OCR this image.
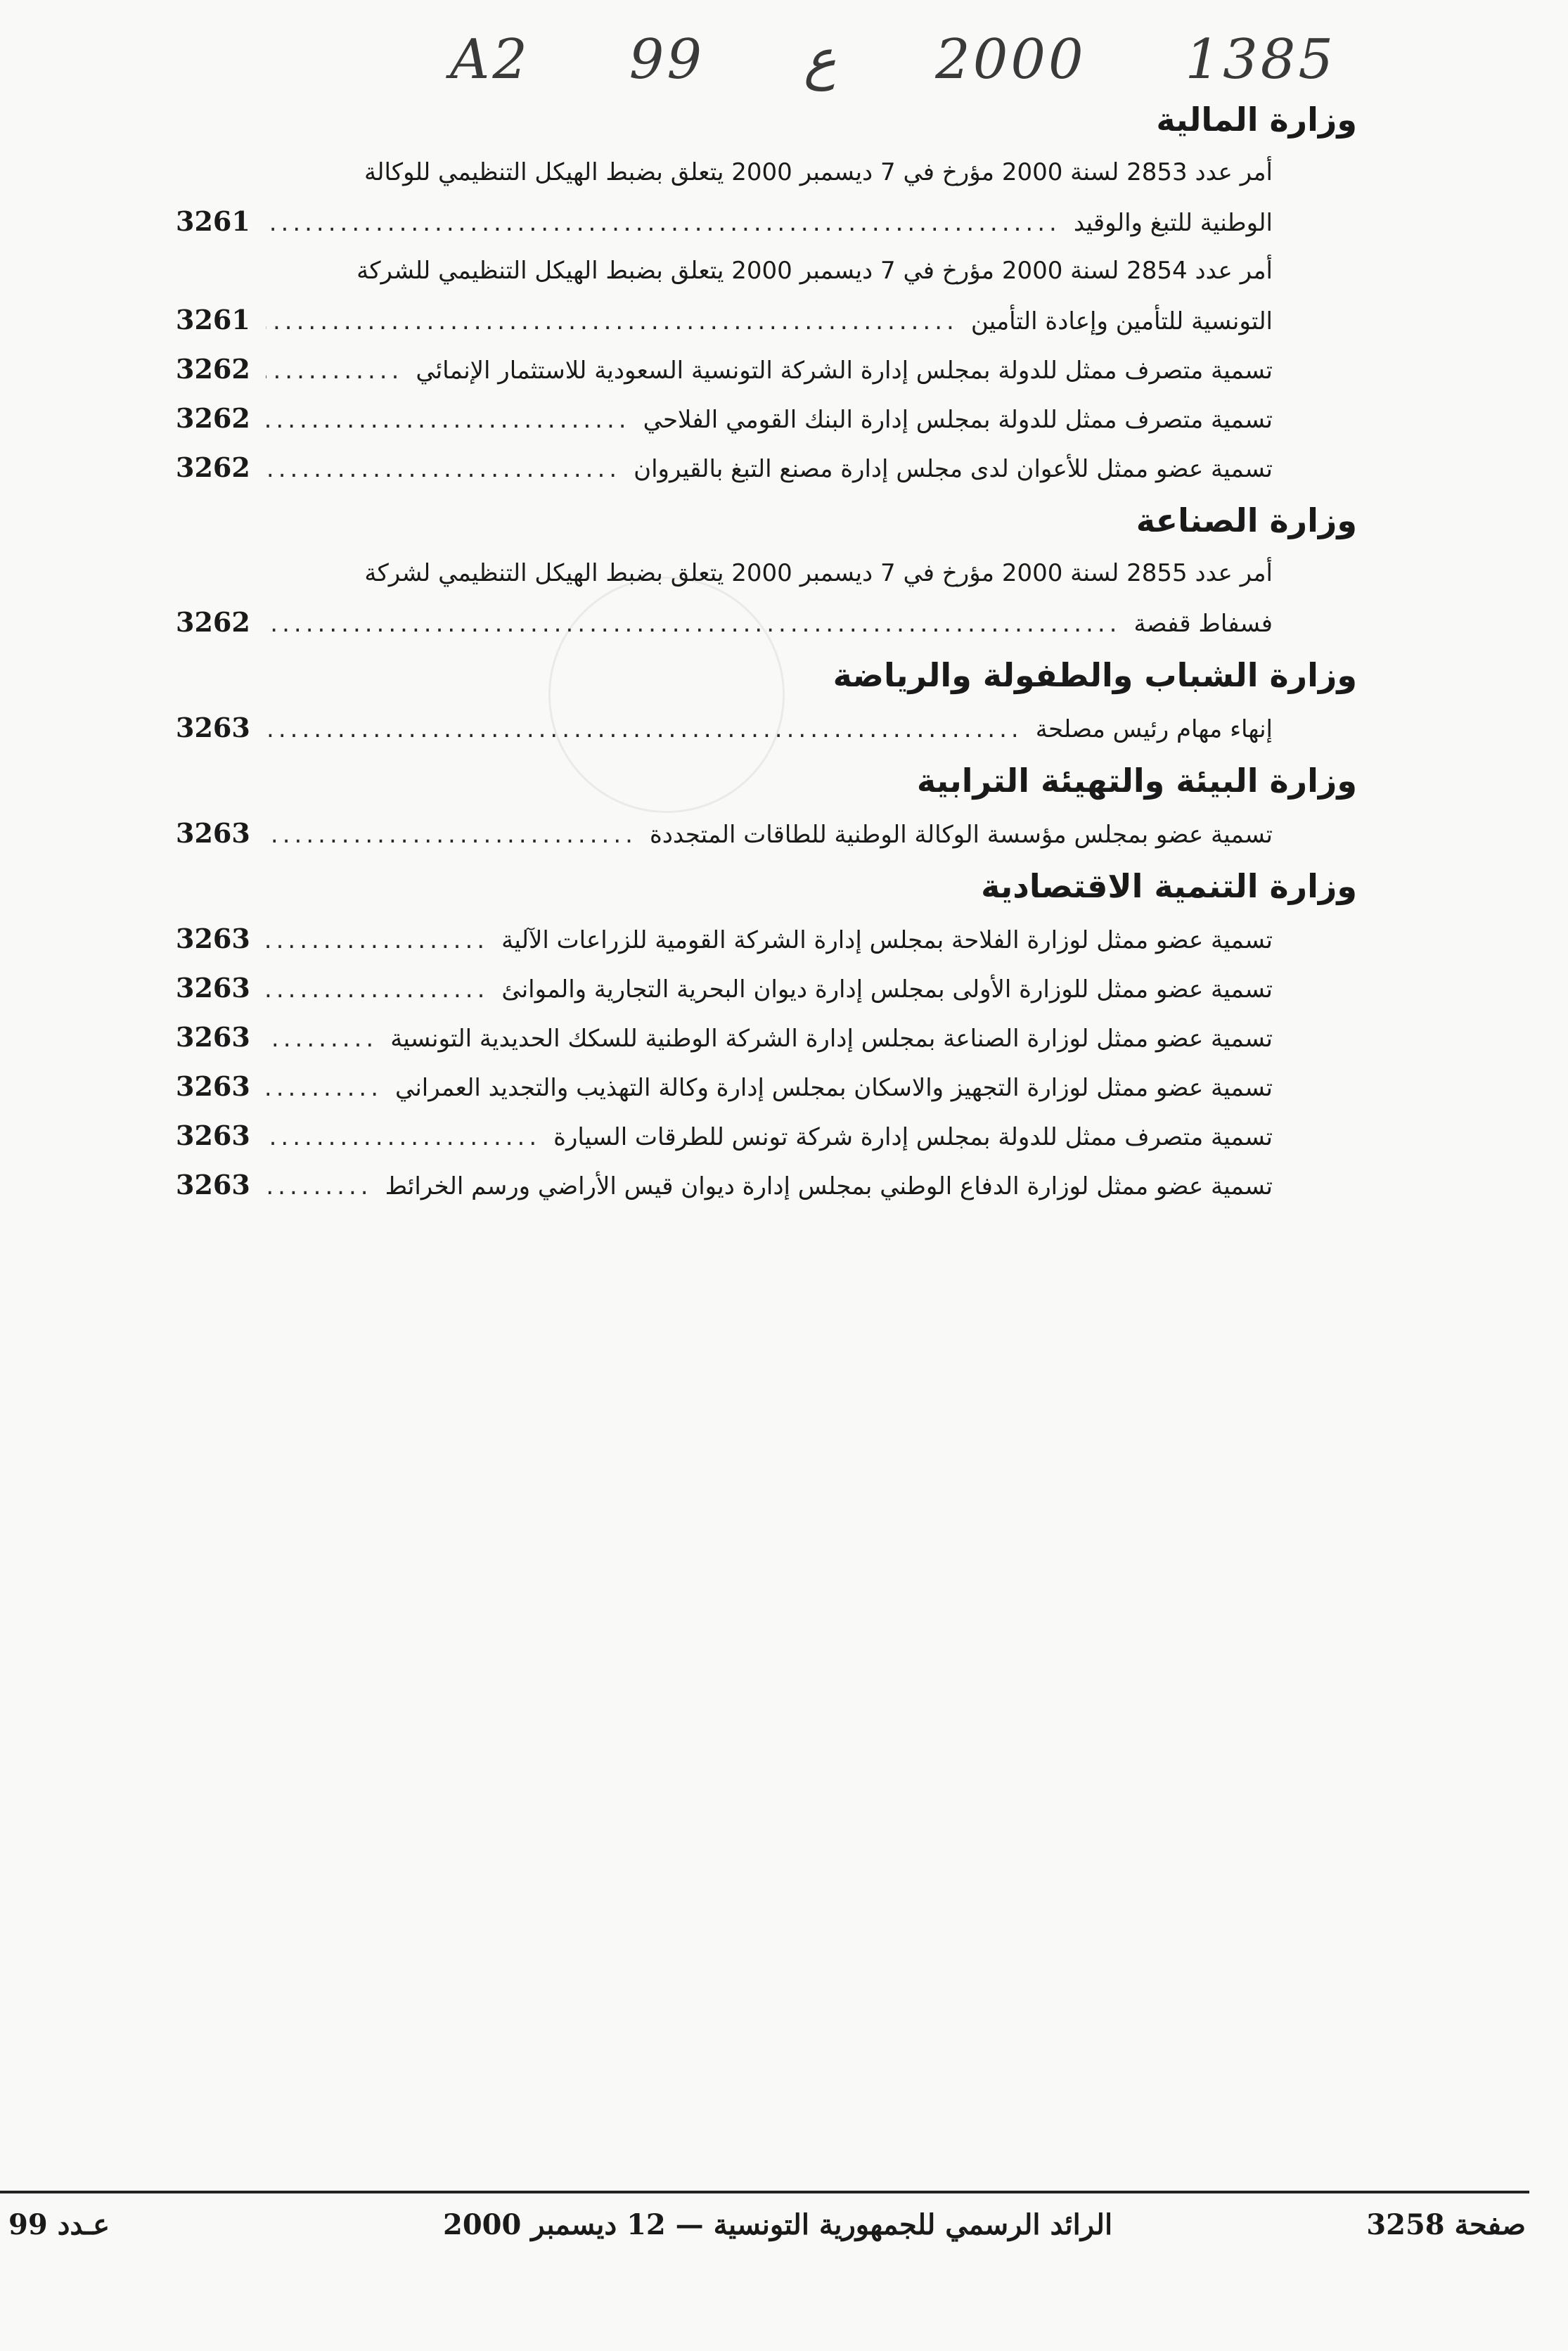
A2 99 ع 2000 1385
وزارة المالية
أمر عدد 2853 لسنة 2000 مؤرخ في 7 ديسمبر 2000 يتعلق بضبط الهيكل التنظيمي للوكالة
الوطنية للتبغ والوقيد
.....
3261
أمر عدد 2854 لسنة 2000 مؤرخ في 7 ديسمبر 2000 يتعلق بضبط الهيكل التنظيمي للشركة
التونسية للتأمين وإعادة التأمين
.....
3261
تسمية متصرف ممثل للدولة بمجلس إدارة الشركة التونسية السعودية للاستثمار الإنمائي
.....
3262
تسمية متصرف ممثل للدولة بمجلس إدارة البنك القومي الفلاحي
.....
3262
تسمية عضو ممثل للأعوان لدى مجلس إدارة مصنع التبغ بالقيروان
.....
3262
وزارة الصناعة
أمر عدد 2855 لسنة 2000 مؤرخ في 7 ديسمبر 2000 يتعلق بضبط الهيكل التنظيمي لشركة
فسفاط قفصة
.....
3262
وزارة الشباب والطفولة والرياضة
إنهاء مهام رئيس مصلحة
.....
3263
وزارة البيئة والتهيئة الترابية
تسمية عضو بمجلس مؤسسة الوكالة الوطنية للطاقات المتجددة
.....
3263
وزارة التنمية الاقتصادية
تسمية عضو ممثل لوزارة الفلاحة بمجلس إدارة الشركة القومية للزراعات الآلية
.....
3263
تسمية عضو ممثل للوزارة الأولى بمجلس إدارة ديوان البحرية التجارية والموانئ
.....
3263
تسمية عضو ممثل لوزارة الصناعة بمجلس إدارة الشركة الوطنية للسكك الحديدية التونسية
.....
3263
تسمية عضو ممثل لوزارة التجهيز والاسكان بمجلس إدارة وكالة التهذيب والتجديد العمراني
.....
3263
تسمية متصرف ممثل للدولة بمجلس إدارة شركة تونس للطرقات السيارة
.....
3263
تسمية عضو ممثل لوزارة الدفاع الوطني بمجلس إدارة ديوان قيس الأراضي ورسم الخرائط
.....
3263
عـدد 99	الرائد الرسمي للجمهورية التونسية — 12 ديسمبر 2000	صفحة 3258
